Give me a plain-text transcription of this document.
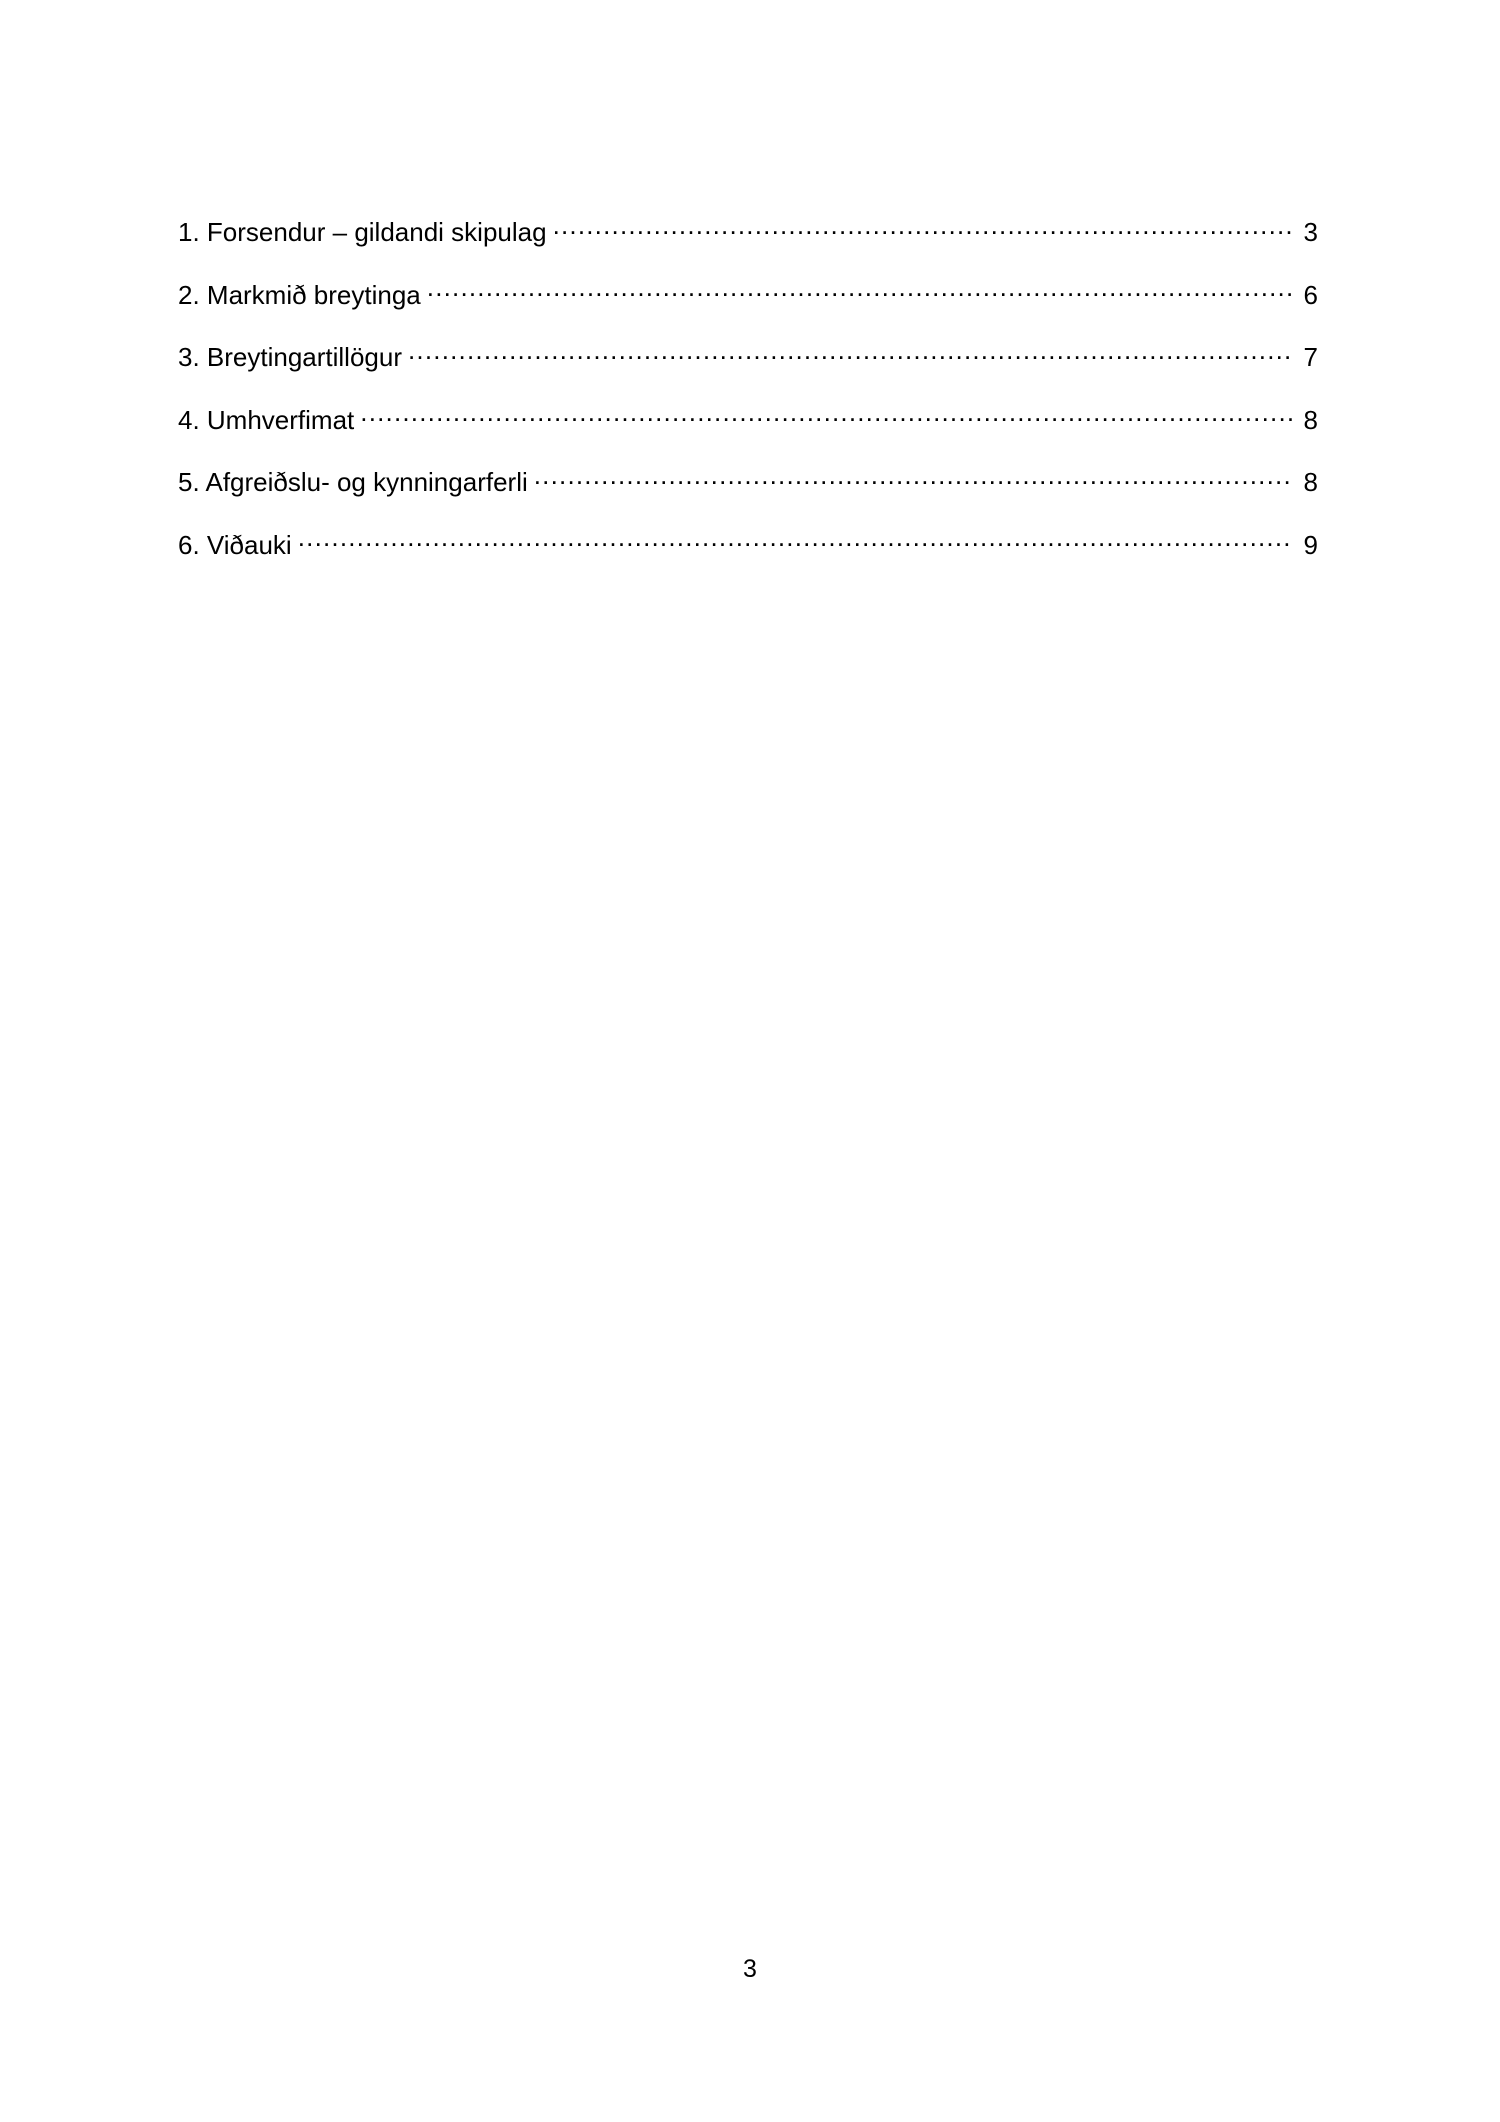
1. Forsendur – gildandi skipulag .....	3
2. Markmið breytinga .....	6
3. Breytingartillögur .....	7
4. Umhverfimat .....	8
5. Afgreiðslu- og kynningarferli .....	8
6. Viðauki .....	9
3
